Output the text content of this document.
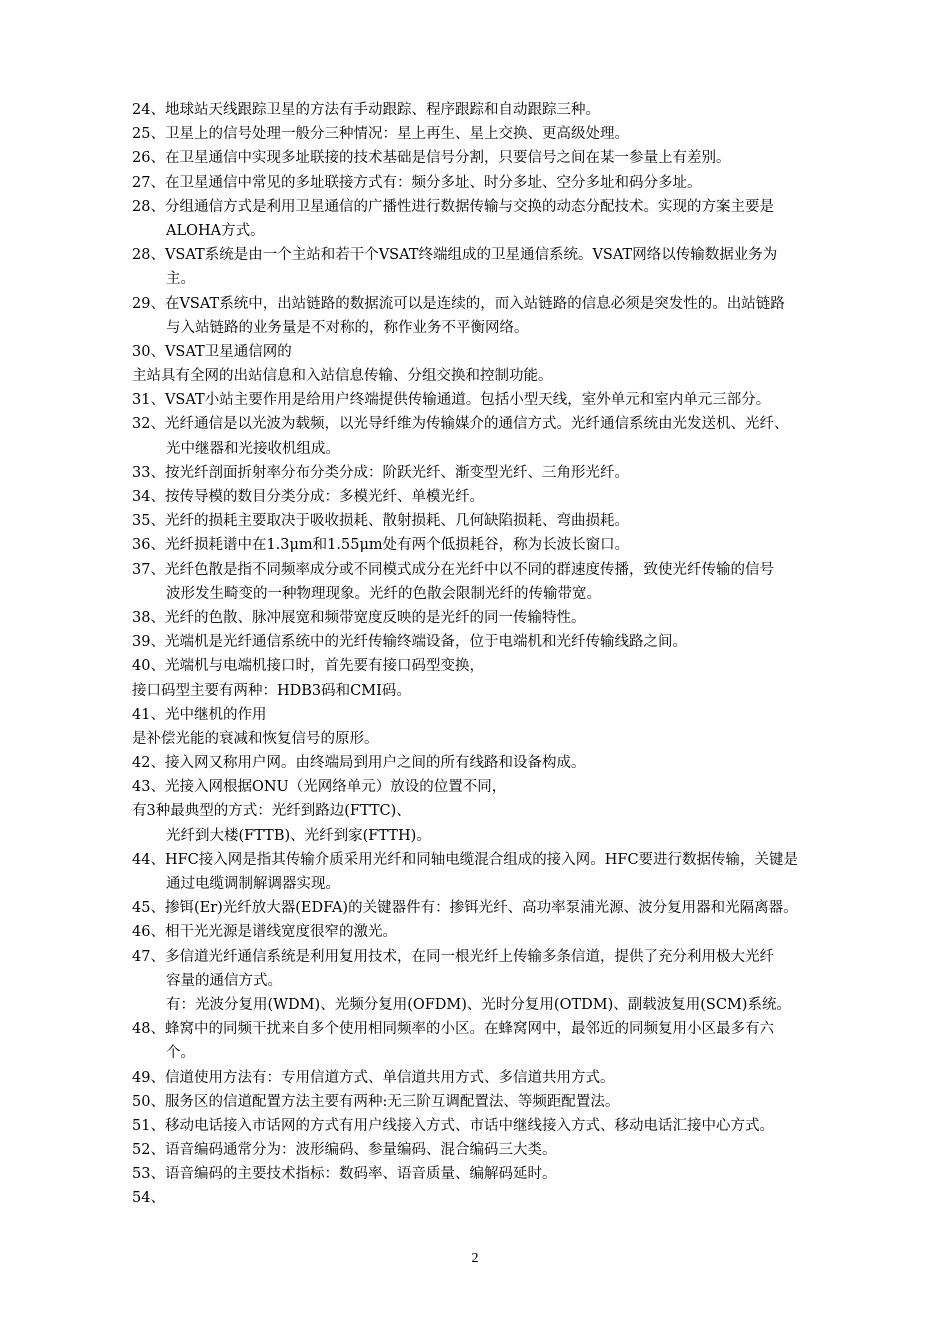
24、地球站天线跟踪卫星的方法有手动跟踪、程序跟踪和自动跟踪三种。
25、卫星上的信号处理一般分三种情况：星上再生、星上交换、更高级处理。
26、在卫星通信中实现多址联接的技术基础是信号分割，只要信号之间在某一参量上有差别。
27、在卫星通信中常见的多址联接方式有：频分多址、时分多址、空分多址和码分多址。
28、分组通信方式是利用卫星通信的广播性进行数据传输与交换的动态分配技术。实现的方案主要是
ALOHA方式。
28、VSAT系统是由一个主站和若干个VSAT终端组成的卫星通信系统。VSAT网络以传输数据业务为
主。
29、在VSAT系统中，出站链路的数据流可以是连续的，而入站链路的信息必须是突发性的。出站链路
与入站链路的业务量是不对称的，称作业务不平衡网络。
30、VSAT卫星通信网的
主站具有全网的出站信息和入站信息传输、分组交换和控制功能。
31、VSAT小站主要作用是给用户终端提供传输通道。包括小型天线，室外单元和室内单元三部分。
32、光纤通信是以光波为载频，以光导纤维为传输媒介的通信方式。光纤通信系统由光发送机、光纤、
光中继器和光接收机组成。
33、按光纤剖面折射率分布分类分成：阶跃光纤、渐变型光纤、三角形光纤。
34、按传导模的数目分类分成：多模光纤、单模光纤。
35、光纤的损耗主要取决于吸收损耗、散射损耗、几何缺陷损耗、弯曲损耗。
36、光纤损耗谱中在1.3μm和1.55μm处有两个低损耗谷，称为长波长窗口。
37、光纤色散是指不同频率成分或不同模式成分在光纤中以不同的群速度传播，致使光纤传输的信号
波形发生畸变的一种物理现象。光纤的色散会限制光纤的传输带宽。
38、光纤的色散、脉冲展宽和频带宽度反映的是光纤的同一传输特性。
39、光端机是光纤通信系统中的光纤传输终端设备，位于电端机和光纤传输线路之间。
40、光端机与电端机接口时，首先要有接口码型变换，
接口码型主要有两种：HDB3码和CMI码。
41、光中继机的作用
是补偿光能的衰减和恢复信号的原形。
42、接入网又称用户网。由终端局到用户之间的所有线路和设备构成。
43、光接入网根据ONU（光网络单元）放设的位置不同，
有3种最典型的方式：光纤到路边(FTTC)、
光纤到大楼(FTTB)、光纤到家(FTTH)。
44、HFC接入网是指其传输介质采用光纤和同轴电缆混合组成的接入网。HFC要进行数据传输，关键是
通过电缆调制解调器实现。
45、掺铒(Er)光纤放大器(EDFA)的关键器件有：掺铒光纤、高功率泵浦光源、波分复用器和光隔离器。
46、相干光光源是谱线宽度很窄的激光。
47、多信道光纤通信系统是利用复用技术，在同一根光纤上传输多条信道，提供了充分利用极大光纤
容量的通信方式。
有：光波分复用(WDM)、光频分复用(OFDM)、光时分复用(OTDM)、副载波复用(SCM)系统。
48、蜂窝中的同频干扰来自多个使用相同频率的小区。在蜂窝网中，最邻近的同频复用小区最多有六
个。
49、信道使用方法有：专用信道方式、单信道共用方式、多信道共用方式。
50、服务区的信道配置方法主要有两种:无三阶互调配置法、等频距配置法。
51、移动电话接入市话网的方式有用户线接入方式、市话中继线接入方式、移动电话汇接中心方式。
52、语音编码通常分为：波形编码、参量编码、混合编码三大类。
53、语音编码的主要技术指标：数码率、语音质量、编解码延时。
54、
2
